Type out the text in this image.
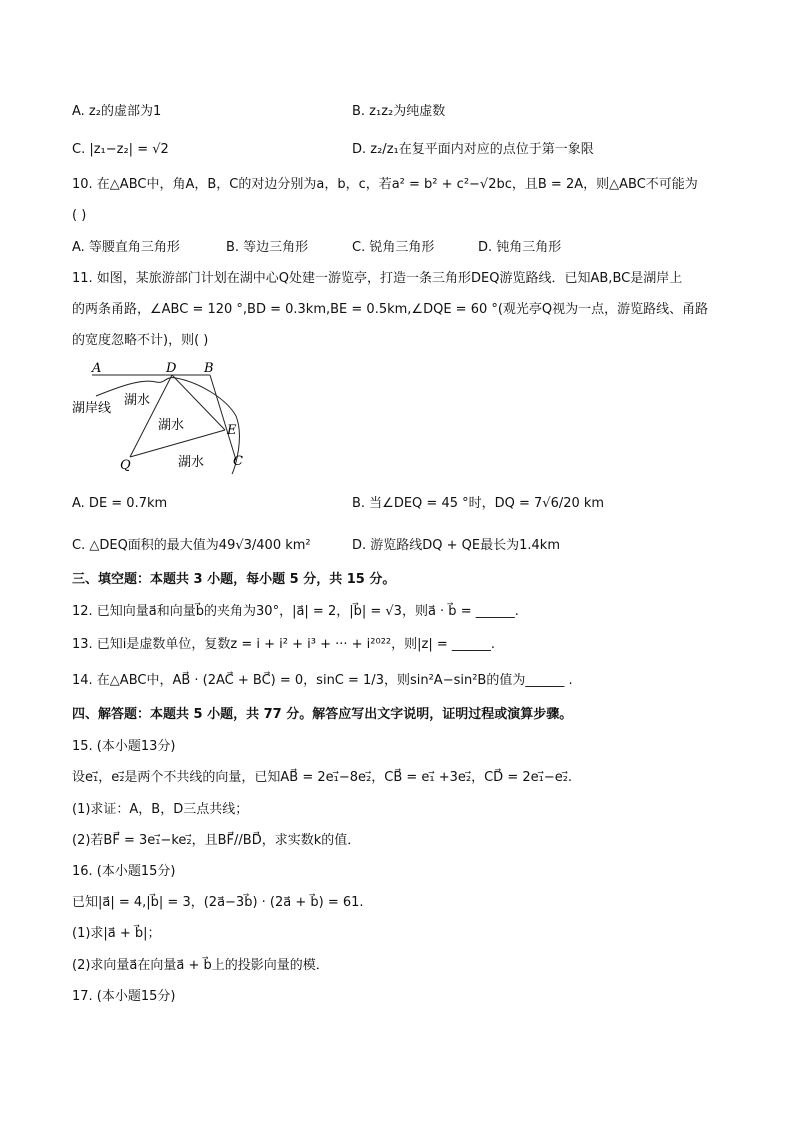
A. z₂的虚部为1	B. z₁z₂为纯虚数
C. |z₁−z₂| = √2	D. z₂/z₁在复平面内对应的点位于第一象限
10. 在△ABC中，角A，B，C的对边分别为a，b，c，若a² = b² + c²−√2bc，且B = 2A，则△ABC不可能为
( )
A. 等腰直角三角形	B. 等边三角形	C. 锐角三角形	D. 钝角三角形
11. 如图，某旅游部门计划在湖中心Q处建一游览亭，打造一条三角形DEQ游览路线．已知AB,BC是湖岸上
的两条甬路，∠ABC = 120 °,BD = 0.3km,BE = 0.5km,∠DQE = 60 °(观光亭Q视为一点，游览路线、甬路
的宽度忽略不计)，则( )
A	D B
E
Q	C
湖岸线
湖水
湖水
湖水
A. DE = 0.7km	B. 当∠DEQ = 45 °时，DQ = 7√6/20 km
C. △DEQ面积的最大值为49√3/400 km²	D. 游览路线DQ + QE最长为1.4km
三、填空题：本题共 3 小题，每小题 5 分，共 15 分。
12. 已知向量a⃗和向量b⃗的夹角为30°，|a⃗| = 2，|b⃗| = √3，则a⃗ · b⃗ = ______.
13. 已知i是虚数单位，复数z = i + i² + i³ + ··· + i²⁰²²，则|z| = ______.
14. 在△ABC中，AB⃗ · (2AC⃗ + BC⃗) = 0，sinC = 1/3，则sin²A−sin²B的值为______ .
四、解答题：本题共 5 小题，共 77 分。解答应写出文字说明，证明过程或演算步骤。
15. (本小题13分)
设e₁⃗，e₂⃗是两个不共线的向量，已知AB⃗ = 2e₁⃗−8e₂⃗，CB⃗ = e₁⃗ +3e₂⃗，CD⃗ = 2e₁⃗−e₂⃗.
(1)求证：A，B，D三点共线；
(2)若BF⃗ = 3e₁⃗−ke₂⃗，且BF⃗//BD⃗，求实数k的值．
16. (本小题15分)
已知|a⃗| = 4,|b⃗| = 3，(2a⃗−3b⃗) · (2a⃗ + b⃗) = 61.
(1)求|a⃗ + b⃗|；
(2)求向量a⃗在向量a⃗ + b⃗上的投影向量的模．
17. (本小题15分)
